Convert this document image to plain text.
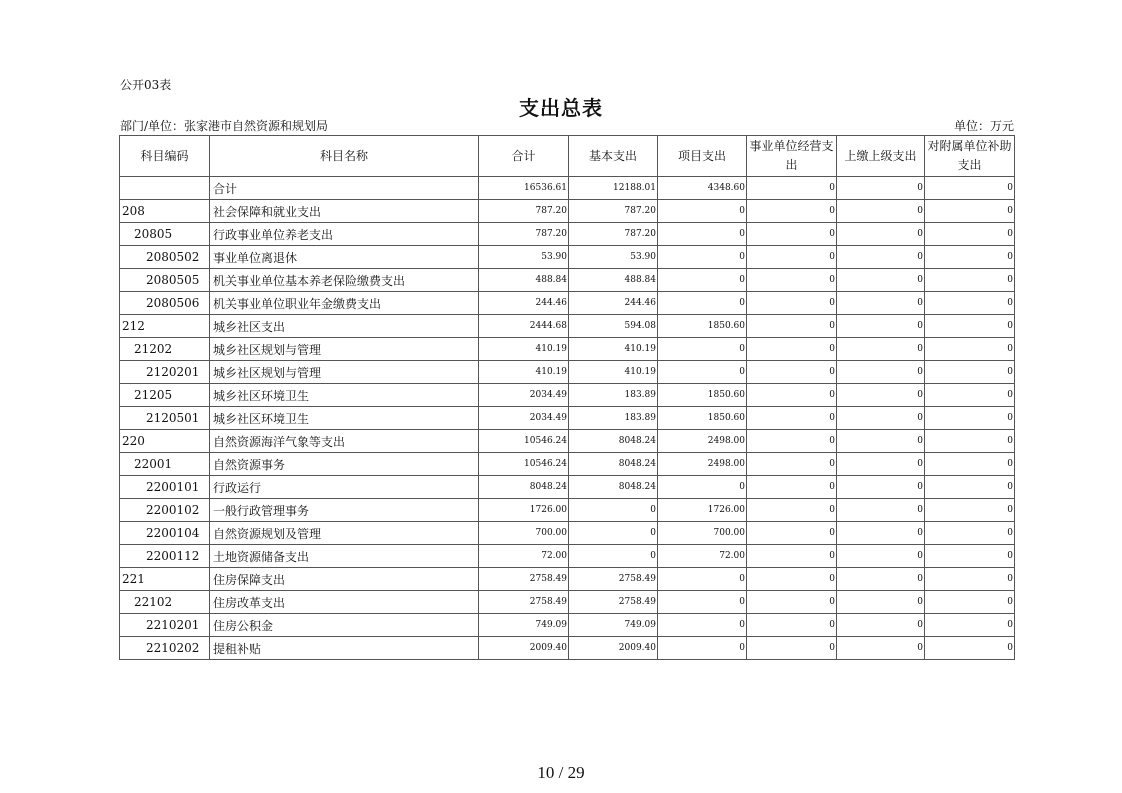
公开03表
支出总表
部门/单位：张家港市自然资源和规划局	单位：万元
科目编码	科目名称	合计	基本支出	项目支出	事业单位经营支出	上缴上级支出	对附属单位补助支出
	合计	16536.61	12188.01	4348.60	0	0	0
208	社会保障和就业支出	787.20	787.20	0	0	0	0
20805	行政事业单位养老支出	787.20	787.20	0	0	0	0
2080502	事业单位离退休	53.90	53.90	0	0	0	0
2080505	机关事业单位基本养老保险缴费支出	488.84	488.84	0	0	0	0
2080506	机关事业单位职业年金缴费支出	244.46	244.46	0	0	0	0
212	城乡社区支出	2444.68	594.08	1850.60	0	0	0
21202	城乡社区规划与管理	410.19	410.19	0	0	0	0
2120201	城乡社区规划与管理	410.19	410.19	0	0	0	0
21205	城乡社区环境卫生	2034.49	183.89	1850.60	0	0	0
2120501	城乡社区环境卫生	2034.49	183.89	1850.60	0	0	0
220	自然资源海洋气象等支出	10546.24	8048.24	2498.00	0	0	0
22001	自然资源事务	10546.24	8048.24	2498.00	0	0	0
2200101	行政运行	8048.24	8048.24	0	0	0	0
2200102	一般行政管理事务	1726.00	0	1726.00	0	0	0
2200104	自然资源规划及管理	700.00	0	700.00	0	0	0
2200112	土地资源储备支出	72.00	0	72.00	0	0	0
221	住房保障支出	2758.49	2758.49	0	0	0	0
22102	住房改革支出	2758.49	2758.49	0	0	0	0
2210201	住房公积金	749.09	749.09	0	0	0	0
2210202	提租补贴	2009.40	2009.40	0	0	0	0
10 / 29
